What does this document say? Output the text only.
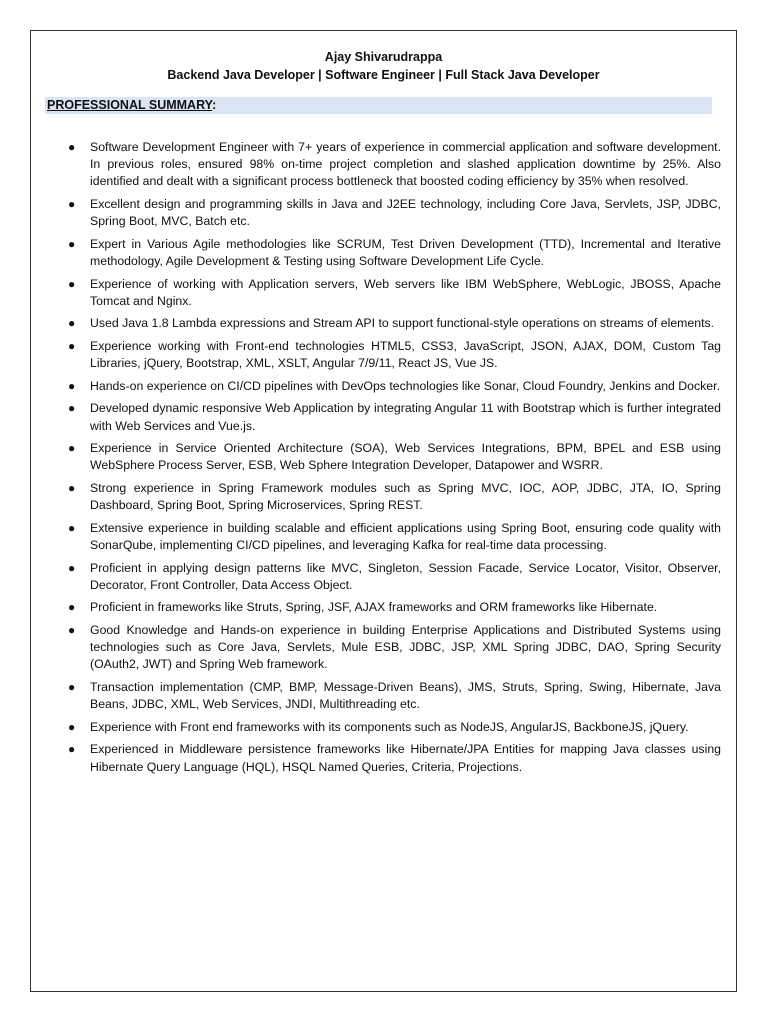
Ajay Shivarudrappa
Backend Java Developer | Software Engineer | Full Stack Java Developer
PROFESSIONAL SUMMARY:
● Software Development Engineer with 7+ years of experience in commercial application and software development. In previous roles, ensured 98% on-time project completion and slashed application downtime by 25%. Also identified and dealt with a significant process bottleneck that boosted coding efficiency by 35% when resolved.
● Excellent design and programming skills in Java and J2EE technology, including Core Java, Servlets, JSP, JDBC, Spring Boot, MVC, Batch etc.
● Expert in Various Agile methodologies like SCRUM, Test Driven Development (TTD), Incremental and Iterative methodology, Agile Development & Testing using Software Development Life Cycle.
● Experience of working with Application servers, Web servers like IBM WebSphere, WebLogic, JBOSS, Apache Tomcat and Nginx.
● Used Java 1.8 Lambda expressions and Stream API to support functional-style operations on streams of elements.
● Experience working with Front-end technologies HTML5, CSS3, JavaScript, JSON, AJAX, DOM, Custom Tag Libraries, jQuery, Bootstrap, XML, XSLT, Angular 7/9/11, React JS, Vue JS.
● Hands-on experience on CI/CD pipelines with DevOps technologies like Sonar, Cloud Foundry, Jenkins and Docker.
● Developed dynamic responsive Web Application by integrating Angular 11 with Bootstrap which is further integrated with Web Services and Vue.js.
● Experience in Service Oriented Architecture (SOA), Web Services Integrations, BPM, BPEL and ESB using WebSphere Process Server, ESB, Web Sphere Integration Developer, Datapower and WSRR.
● Strong experience in Spring Framework modules such as Spring MVC, IOC, AOP, JDBC, JTA, IO, Spring Dashboard, Spring Boot, Spring Microservices, Spring REST.
● Extensive experience in building scalable and efficient applications using Spring Boot, ensuring code quality with SonarQube, implementing CI/CD pipelines, and leveraging Kafka for real-time data processing.
● Proficient in applying design patterns like MVC, Singleton, Session Facade, Service Locator, Visitor, Observer, Decorator, Front Controller, Data Access Object.
● Proficient in frameworks like Struts, Spring, JSF, AJAX frameworks and ORM frameworks like Hibernate.
● Good Knowledge and Hands-on experience in building Enterprise Applications and Distributed Systems using technologies such as Core Java, Servlets, Mule ESB, JDBC, JSP, XML Spring JDBC, DAO, Spring Security (OAuth2, JWT) and Spring Web framework.
● Transaction implementation (CMP, BMP, Message-Driven Beans), JMS, Struts, Spring, Swing, Hibernate, Java Beans, JDBC, XML, Web Services, JNDI, Multithreading etc.
● Experience with Front end frameworks with its components such as NodeJS, AngularJS, BackboneJS, jQuery.
● Experienced in Middleware persistence frameworks like Hibernate/JPA Entities for mapping Java classes using Hibernate Query Language (HQL), HSQL Named Queries, Criteria, Projections.
